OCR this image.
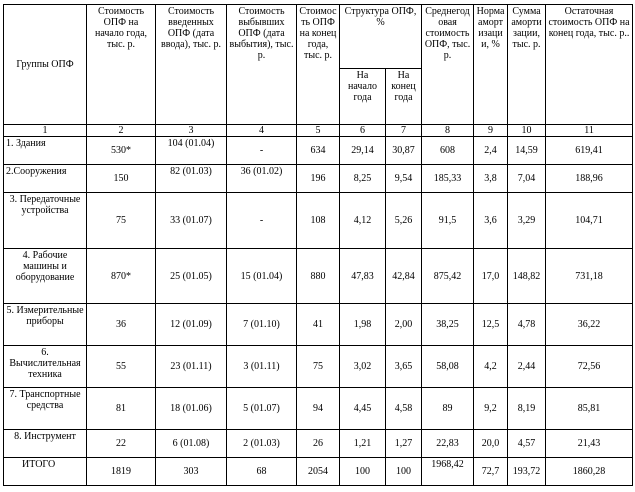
Группы ОПФ	Стоимость ОПФ на начало года, тыс. р.	Стоимость введенных ОПФ (дата ввода), тыс. р.	Стоимость выбывших ОПФ (дата выбытия), тыс. р.	Стоимость ОПФ на конец года, тыс. р.	Структура ОПФ, %		Среднегодовая стоимость ОПФ, тыс. р.	Норма амортизации, %	Сумма амортизации, тыс. р.	Остаточная стоимость ОПФ на конец года, тыс. р..
					На начало года	На конец года				
1	2	3	4	5	6	7	8	9	10	11
1. Здания	530*	104 (01.04)	-	634	29,14	30,87	608	2,4	14,59	619,41
2.Сооружения	150	82 (01.03)	36 (01.02)	196	8,25	9,54	185,33	3,8	7,04	188,96
3. Передаточные устройства	75	33 (01.07)	-	108	4,12	5,26	91,5	3,6	3,29	104,71
4. Рабочие машины и оборудование	870*	25 (01.05)	15 (01.04)	880	47,83	42,84	875,42	17,0	148,82	731,18
5. Измерительные приборы	36	12 (01.09)	7 (01.10)	41	1,98	2,00	38,25	12,5	4,78	36,22
6. Вычислительная техника	55	23 (01.11)	3 (01.11)	75	3,02	3,65	58,08	4,2	2,44	72,56
7. Транспортные средства	81	18 (01.06)	5 (01.07)	94	4,45	4,58	89	9,2	8,19	85,81
8. Инструмент	22	6 (01.08)	2 (01.03)	26	1,21	1,27	22,83	20,0	4,57	21,43
ИТОГО	1819	303	68	2054	100	100	1968,42	72,7	193,72	1860,28
